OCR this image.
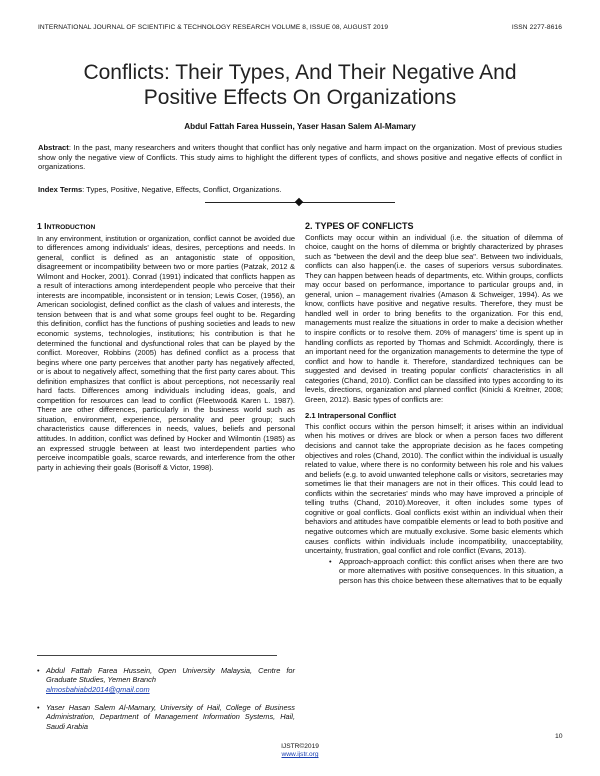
INTERNATIONAL JOURNAL OF SCIENTIFIC & TECHNOLOGY RESEARCH VOLUME 8, ISSUE 08, AUGUST 2019	ISSN 2277-8616
Conflicts: Their Types, And Their Negative And
Positive Effects On Organizations
Abdul Fattah Farea Hussein, Yaser Hasan Salem Al-Mamary
Abstract: In the past, many researchers and writers thought that conflict has only negative and harm impact on the organization. Most of previous studies show only the negative view of Conflicts. This study aims to highlight the different types of conflicts, and shows positive and negative effects of conflict in organizations.
Index Terms: Types, Positive, Negative, Effects, Conflict, Organizations.
1 INTRODUCTION

In any environment, institution or organization, conflict cannot be avoided due to differences among individuals' ideas, desires, perceptions and needs. In general, conflict is defined as an antagonistic state of opposition, disagreement or incompatibility between two or more parties (Patzak, 2012 & Wilmont and Hocker, 2001). Conrad (1991) indicated that conflicts happen as a result of interactions among interdependent people who perceive that their interests are incompatible, inconsistent or in tension; Lewis Coser, (1956), an American sociologist, defined conflict as the clash of values and interests, the tension between that is and what some groups feel ought to be. Regarding this definition, conflict has the functions of pushing societies and leads to new economic systems, technologies, institutions; his contribution is that he determined the functional and dysfunctional roles that can be played by the conflict. Moreover, Robbins (2005) has defined conflict as a process that begins where one party perceives that another party has negatively affected, or is about to negatively affect, something that the first party cares about. This definition emphasizes that conflict is about perceptions, not necessarily real hard facts. Differences among individuals including ideas, goals, and competition for resources can lead to conflict (Fleetwood& Karen L. 1987). There are other differences, particularly in the business world such as situation, environment, experience, personality and peer group; such characteristics cause differences in needs, values, beliefs and personal attitudes. In addition, conflict was defined by Hocker and Wilmontin (1985) as an expressed struggle between at least two interdependent parties who perceive incompatible goals, scarce rewards, and interference from the other party in achieving their goals (Borisoff & Victor, 1998).

• Abdul Fattah Farea Hussein, Open University Malaysia, Centre for Graduate Studies, Yemen Branch
almosbahiabd2014@gmail.com
• Yaser Hasan Salem Al-Mamary, University of Hail, College of Business Administration, Department of Management Information Systems, Hail, Saudi Arabia
2. TYPES OF CONFLICTS

Conflicts may occur within an individual (i.e. the situation of dilemma of choice, caught on the horns of dilemma or brightly characterized by phrases such as "between the devil and the deep blue sea". Between two individuals, conflicts can also happen(i.e. the cases of superiors versus subordinates. They can happen between heads of departments, etc. Within groups, conflicts may occur based on performance, importance to particular groups and, in general, union – management rivalries (Amason & Schweiger, 1994). As we know, conflicts have positive and negative results. Therefore, they must be handled well in order to bring benefits to the organization. For this end, managements must realize the situations in order to make a decision whether to inspire conflicts or to resolve them. 20% of managers' time is spent up in handling conflicts as reported by Thomas and Schmidt. Accordingly, there is an important need for the organization managements to determine the type of conflict and how to handle it. Therefore, standardized techniques can be suggested and devised in treating popular conflicts' characteristics in all categories (Chand, 2010). Conflict can be classified into types according to its levels, directions, organization and planned conflict (Kinicki & Kreitner, 2008; Green, 2012). Basic types of conflicts are:

2.1 Intrapersonal Conflict

This conflict occurs within the person himself; it arises within an individual when his motives or drives are block or when a person faces two different decisions and cannot take the appropriate decision as he faces competing objectives and roles (Chand, 2010). The conflict within the individual is usually related to value, where there is no conformity between his role and his values and beliefs (e.g. to avoid unwanted telephone calls or visitors, secretaries may sometimes lie that their managers are not in their offices. This could lead to conflicts within the secretaries' minds who may have improved a principle of telling truths (Chand, 2010).Moreover, it often includes some types of cognitive or goal conflicts. Goal conflicts exist within an individual when their behaviors and attitudes have compatible elements or lead to both positive and negative outcomes which are mutually exclusive. Some basic elements which causes conflicts within individuals include incompatibility, unacceptability, uncertainty, frustration, goal conflict and role conflict (Evans, 2013).

• Approach-approach conflict: this conflict arises when there are two or more alternatives with positive consequences. In this situation, a person has this choice between these alternatives that to be equally
10
IJSTR©2019
www.ijstr.org
